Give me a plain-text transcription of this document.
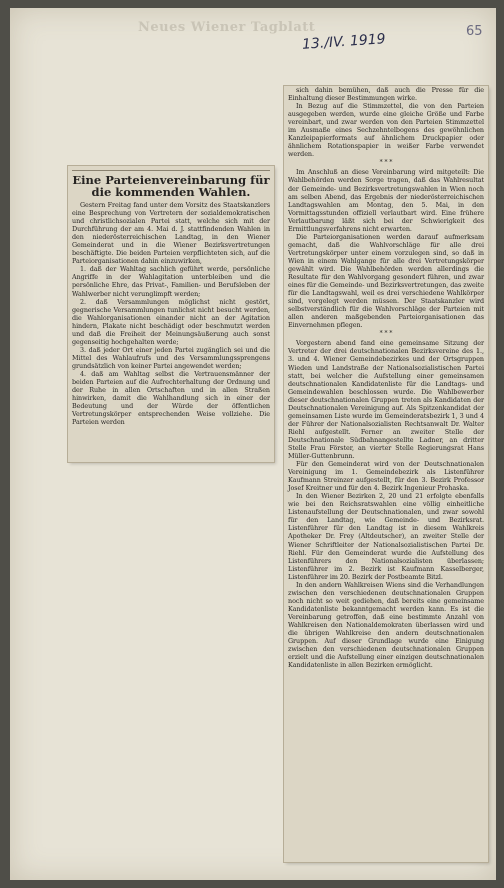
Neues Wiener Tagblatt
13./IV. 1919	65
Eine Parteienvereinbarung für die kommenden Wahlen.

Gestern Freitag fand unter dem Vorsitz des Staatskanzlers eine Besprechung von Vertretern der sozialdemokratischen und christlichsozialen Partei statt, welche sich mit der Durchführung der am 4. Mai d. J. stattfindenden Wahlen in den niederösterreichischen Landtag, in den Wiener Gemeinderat und in die Wiener Bezirksvertretungen beschäftigte. Die beiden Parteien verpflichteten sich, auf die Parteiorganisationen dahin einzuwirken,

1. daß der Wahltag sachlich geführt werde, persönliche Angriffe in der Wahlagitation unterbleiben und die persönliche Ehre, das Privat-, Familien- und Berufsleben der Wahlwerber nicht verunglimpft werden;

2. daß Versammlungen möglichst nicht gestört, gegnerische Versammlungen tunlichst nicht besucht werden, die Wahlorganisationen einander nicht an der Agitation hindern, Plakate nicht beschädigt oder beschmutzt werden und daß die Freiheit der Meinungsäußerung auch sonst gegenseitig hochgehalten werde;

3. daß jeder Ort einer jeden Partei zugänglich sei und die Mittel des Wahlaufrufs und des Versammlungssprengens grundsätzlich von keiner Partei angewendet werden;

4. daß am Wahltag selbst die Vertrauensmänner der beiden Parteien auf die Aufrechterhaltung der Ordnung und der Ruhe in allen Ortschaften und in allen Straßen hinwirken, damit die Wahlhandlung sich in einer der Bedeutung und der Würde der öffentlichen Vertretungskörper entsprechenden Weise vollziehe. Die Parteien werden

sich dahin bemühen, daß auch die Presse für die Einhaltung dieser Bestimmungen wirke.

In Bezug auf die Stimmzettel, die von den Parteien ausgegeben werden, wurde eine gleiche Größe und Farbe vereinbart, und zwar werden von den Parteien Stimmzettel im Ausmaße eines Sechzehntelbogens des gewöhnlichen Kanzleipapierformats auf ähnlichem Druckpapier oder ähnlichem Rotationspapier in weißer Farbe verwendet werden.

* * *

Im Anschluß an diese Vereinbarung wird mitgeteilt: Die Wahlbehörden werden Sorge tragen, daß das Wahlresultat der Gemeinde- und Bezirksvertretungswahlen in Wien noch am selben Abend, das Ergebnis der niederösterreichischen Landtagswahlen am Montag, den 5. Mai, in den Vormittagsstunden offiziell verlautbart wird. Eine frühere Verlautbarung läßt sich bei der Schwierigkeit des Ermittlungsverfahrens nicht erwarten.

Die Parteiorganisationen werden darauf aufmerksam gemacht, daß die Wahlvorschläge für alle drei Vertretungskörper unter einem vorzulegen sind, so daß in Wien in einem Wahlgange für alle drei Vertretungskörper gewählt wird. Die Wahlbehörden werden allerdings die Resultate für den Wahlvorgang gesondert führen, und zwar eines für die Gemeinde- und Bezirksvertretungen, das zweite für die Landtagswahl, weil es drei verschiedene Wahlkörper sind, vorgelegt werden müssen. Der Staatskanzler wird selbstverständlich für die Wahlvorschläge der Parteien mit allen anderen maßgebenden Parteiorganisationen das Einvernehmen pflegen.

* * *

Vorgestern abend fand eine gemeinsame Sitzung der Vertreter der drei deutschnationalen Bezirksvereine des 1., 3. und 4. Wiener Gemeindebezirkes und der Ortsgruppen Wieden und Landstraße der Nationalsozialistischen Partei statt, bei welcher die Aufstellung einer gemeinsamen deutschnationalen Kandidatenliste für die Landtags- und Gemeindewahlen beschlossen wurde. Die Wahlbewerber dieser deutschnationalen Gruppen treten als Kandidaten der Deutschnationalen Vereinigung auf. Als Spitzenkandidat der gemeinsamen Liste wurde im Gemeinderatsbezirk 1, 3 und 4 der Führer der Nationalsozialisten Rechtsanwalt Dr. Walter Riehl aufgestellt. Ferner an zweiter Stelle der Deutschnationale Südbahnangestellte Ladner, an dritter Stelle Frau Förster, an vierter Stelle Regierungsrat Hans Müller-Guttenbrunn.

Für den Gemeinderat wird von der Deutschnationalen Vereinigung im 1. Gemeindebezirk als Listenführer Kaufmann Streinzer aufgestellt, für den 3. Bezirk Professor Josef Kreitner und für den 4. Bezirk Ingenieur Prohaska.

In den Wiener Bezirken 2, 20 und 21 erfolgte ebenfalls wie bei den Reichsratswahlen eine völlig einheitliche Listenaufstellung der Deutschnationalen, und zwar sowohl für den Landtag, wie Gemeinde- und Bezirksrat. Listenführer für den Landtag ist in diesem Wahlkreis Apotheker Dr. Frey (Altdeutscher), an zweiter Stelle der Wiener Schriftleiter der Nationalsozialistischen Partei Dr. Riehl. Für den Gemeinderat wurde die Aufstellung des Listenführers den Nationalsozialisten überlassen; Listenführer im 2. Bezirk ist Kaufmann Kasselberger, Listenführer im 20. Bezirk der Postbeamte Bitzl.

In den andern Wahlkreisen Wiens sind die Verhandlungen zwischen den verschiedenen deutschnationalen Gruppen noch nicht so weit gediehen, daß bereits eine gemeinsame Kandidatenliste bekanntgemacht werden kann. Es ist die Vereinbarung getroffen, daß eine bestimmte Anzahl von Wahlkreisen den Nationaldemokraten überlassen wird und die übrigen Wahlkreise den andern deutschnationalen Gruppen. Auf dieser Grundlage wurde eine Einigung zwischen den verschiedenen deutschnationalen Gruppen erzielt und die Aufstellung einer einzigen deutschnationalen Kandidatenliste in allen Bezirken ermöglicht.
